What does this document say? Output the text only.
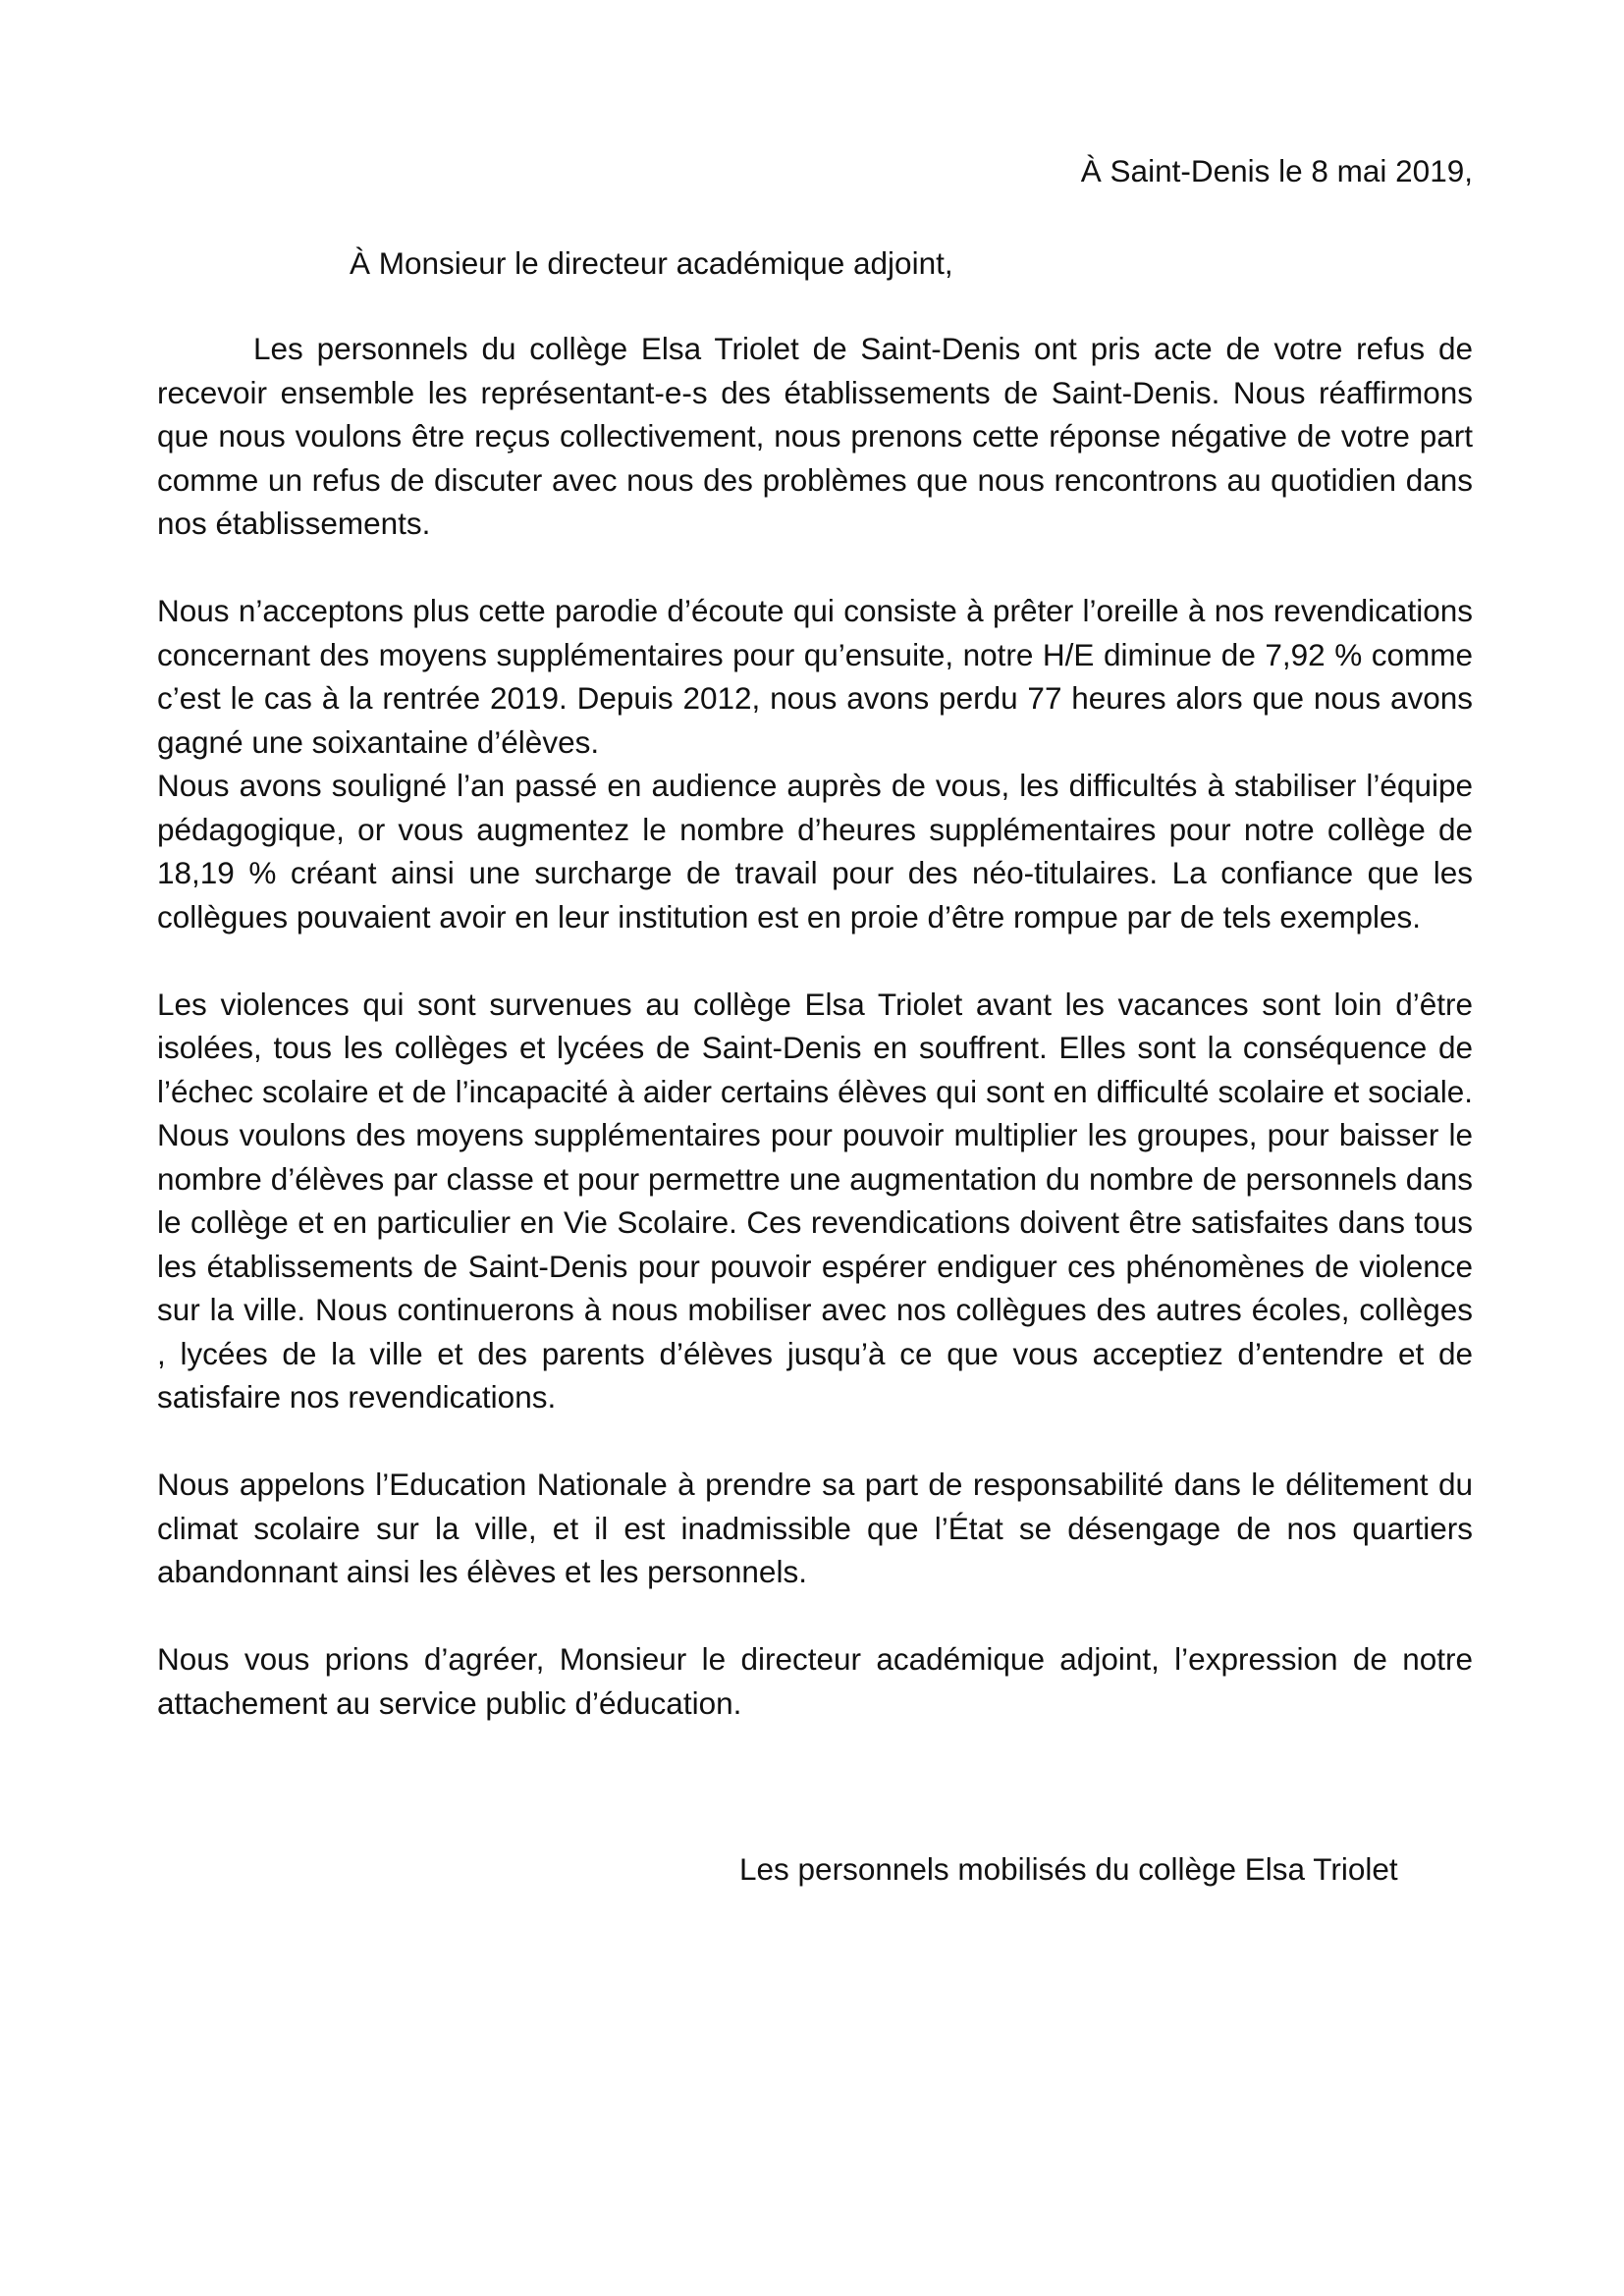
À Saint-Denis le 8 mai 2019,

À Monsieur le directeur académique adjoint,

Les personnels du collège Elsa Triolet de Saint-Denis ont pris acte de votre refus de recevoir ensemble les représentant-e-s des établissements de Saint-Denis. Nous réaffirmons que nous voulons être reçus collectivement, nous prenons cette réponse négative de votre part comme un refus de discuter avec nous des problèmes que nous rencontrons au quotidien dans nos établissements.

Nous n’acceptons plus cette parodie d’écoute qui consiste à prêter l’oreille à nos revendications concernant des moyens supplémentaires pour qu’ensuite, notre H/E diminue de 7,92 % comme c’est le cas à la rentrée 2019. Depuis 2012, nous avons perdu 77 heures alors que nous avons gagné une soixantaine d’élèves.

Nous avons souligné l’an passé en audience auprès de vous, les difficultés à stabiliser l’équipe pédagogique, or vous augmentez le nombre d’heures supplémentaires pour notre collège de 18,19 % créant ainsi une surcharge de travail pour des néo-titulaires. La confiance que les collègues pouvaient avoir en leur institution est en proie d’être rompue par de tels exemples.

Les violences qui sont survenues au collège Elsa Triolet avant les vacances sont loin d’être isolées, tous les collèges et lycées de Saint-Denis en souffrent. Elles sont la conséquence de l’échec scolaire et de l’incapacité à aider certains élèves qui sont en difficulté scolaire et sociale. Nous voulons des moyens supplémentaires pour pouvoir multiplier les groupes, pour baisser le nombre d’élèves par classe et pour permettre une augmentation du nombre de personnels dans le collège et en particulier en Vie Scolaire. Ces revendications doivent être satisfaites dans tous les établissements de Saint-Denis pour pouvoir espérer endiguer ces phénomènes de violence sur la ville. Nous continuerons à nous mobiliser avec nos collègues des autres écoles, collèges , lycées de la ville et des parents d’élèves jusqu’à ce que vous acceptiez d’entendre et de satisfaire nos revendications.

Nous appelons l’Education Nationale à prendre sa part de responsabilité dans le délitement du climat scolaire sur la ville, et il est inadmissible que l’État se désengage de nos quartiers abandonnant ainsi les élèves et les personnels.

Nous vous prions d’agréer, Monsieur le directeur académique adjoint, l’expression de notre attachement au service public d’éducation.

Les personnels mobilisés du collège Elsa Triolet
